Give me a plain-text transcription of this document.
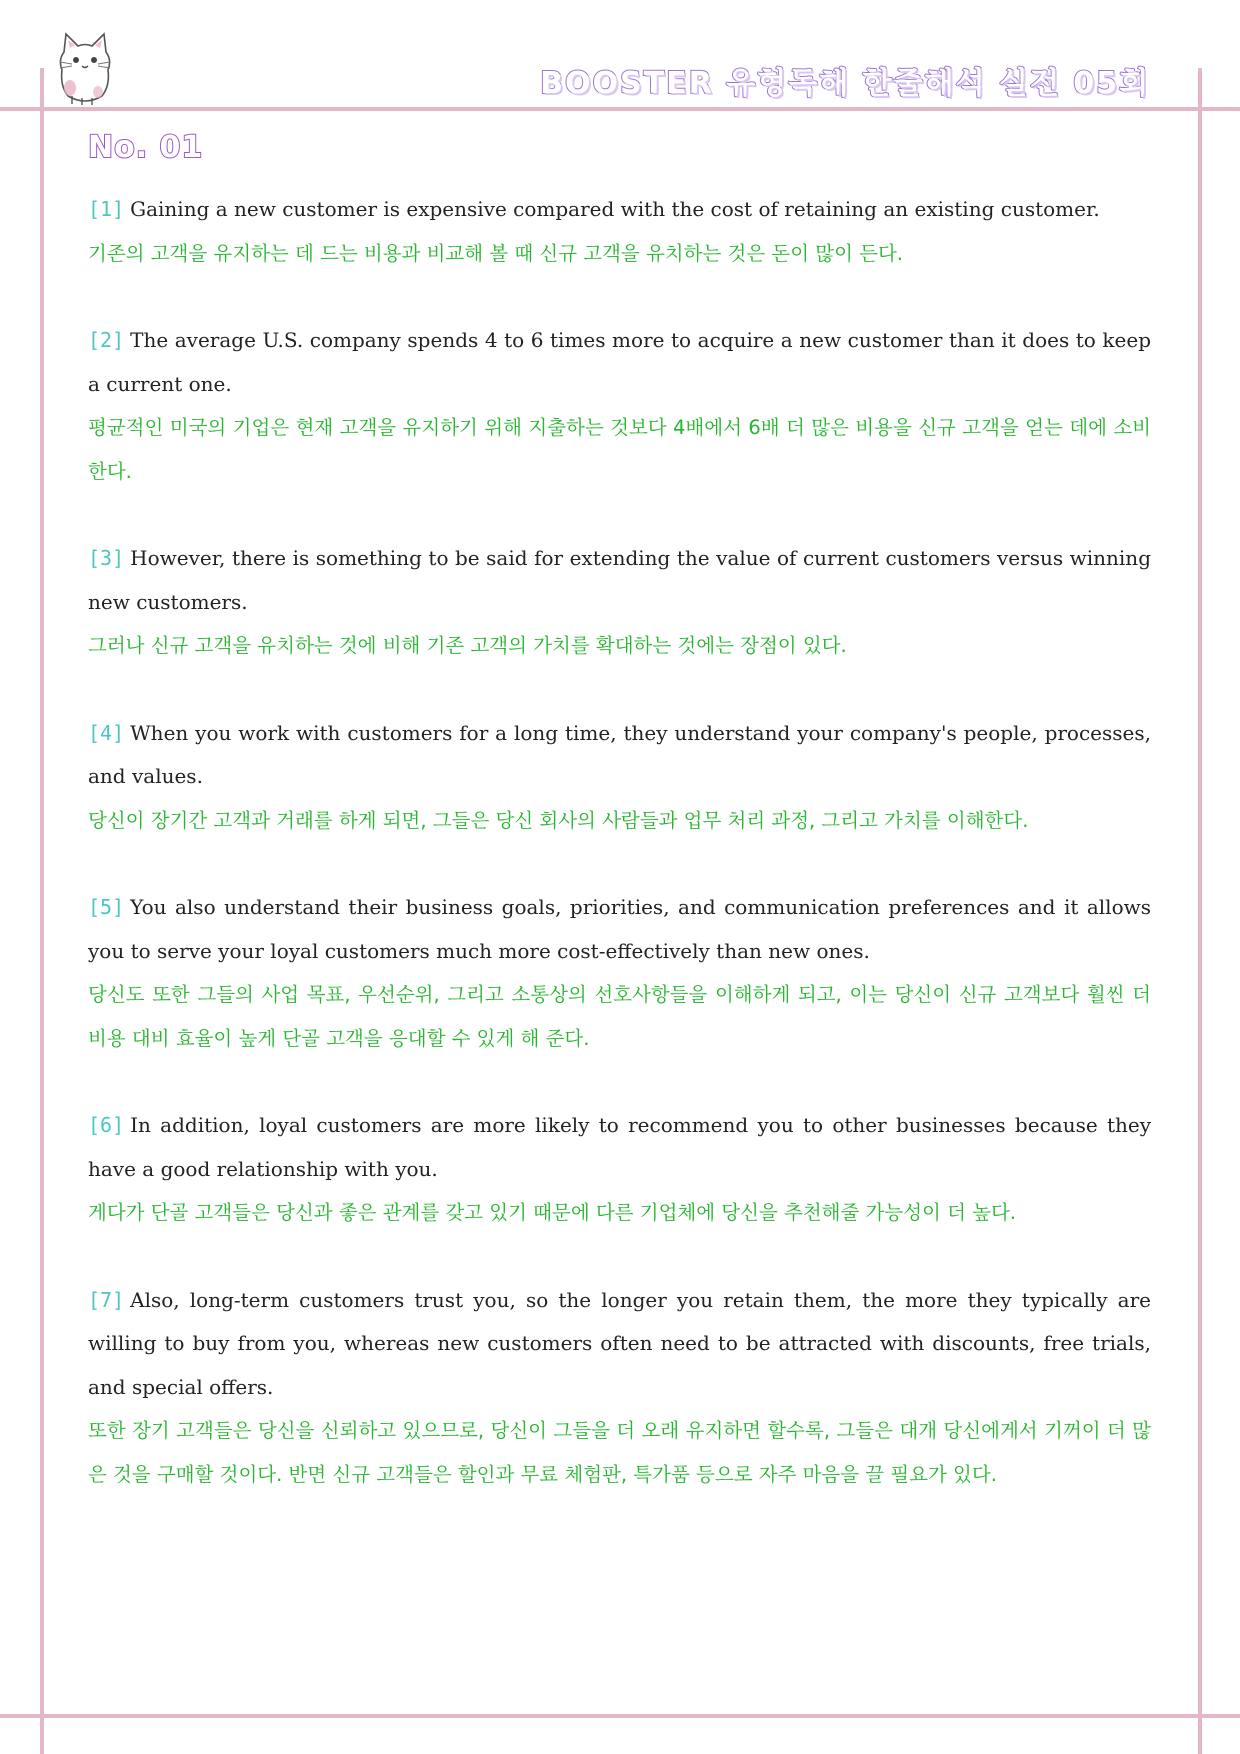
BOOSTER 유형독해 한줄해석 실전 05회
No. 01

[1] Gaining a new customer is expensive compared with the cost of retaining an existing customer.

기존의 고객을 유지하는 데 드는 비용과 비교해 볼 때 신규 고객을 유치하는 것은 돈이 많이 든다.

[2] The average U.S. company spends 4 to 6 times more to acquire a new customer than it does to keep a current one.

평균적인 미국의 기업은 현재 고객을 유지하기 위해 지출하는 것보다 4배에서 6배 더 많은 비용을 신규 고객을 얻는 데에 소비한다.

[3] However, there is something to be said for extending the value of current customers versus winning new customers.

그러나 신규 고객을 유치하는 것에 비해 기존 고객의 가치를 확대하는 것에는 장점이 있다.

[4] When you work with customers for a long time, they understand your company's people, processes, and values.

당신이 장기간 고객과 거래를 하게 되면, 그들은 당신 회사의 사람들과 업무 처리 과정, 그리고 가치를 이해한다.

[5] You also understand their business goals, priorities, and communication preferences and it allows you to serve your loyal customers much more cost-effectively than new ones.

당신도 또한 그들의 사업 목표, 우선순위, 그리고 소통상의 선호사항들을 이해하게 되고, 이는 당신이 신규 고객보다 훨씬 더 비용 대비 효율이 높게 단골 고객을 응대할 수 있게 해 준다.

[6] In addition, loyal customers are more likely to recommend you to other businesses because they have a good relationship with you.

게다가 단골 고객들은 당신과 좋은 관계를 갖고 있기 때문에 다른 기업체에 당신을 추천해줄 가능성이 더 높다.

[7] Also, long-term customers trust you, so the longer you retain them, the more they typically are willing to buy from you, whereas new customers often need to be attracted with discounts, free trials, and special offers.

또한 장기 고객들은 당신을 신뢰하고 있으므로, 당신이 그들을 더 오래 유지하면 할수록, 그들은 대개 당신에게서 기꺼이 더 많은 것을 구매할 것이다. 반면 신규 고객들은 할인과 무료 체험판, 특가품 등으로 자주 마음을 끌 필요가 있다.
